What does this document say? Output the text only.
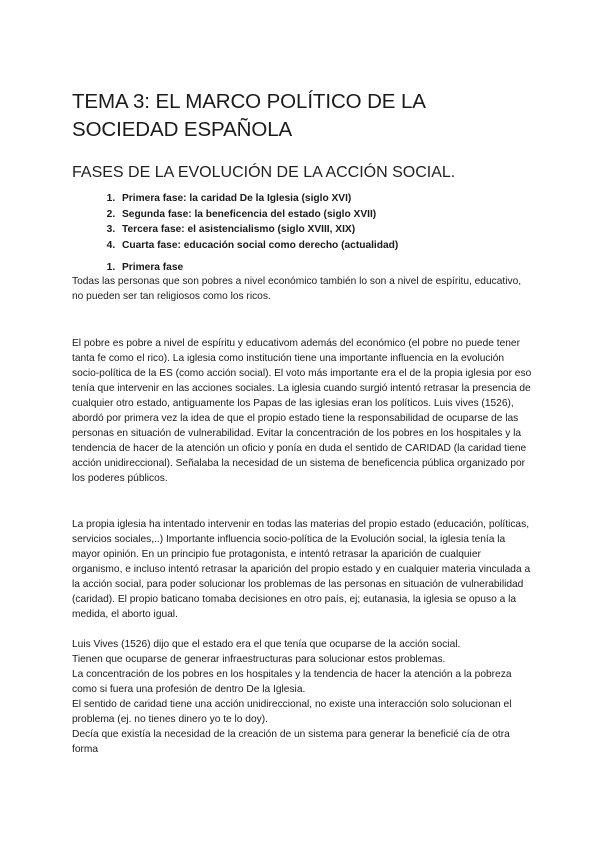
TEMA 3: EL MARCO POLÍTICO DE LA SOCIEDAD ESPAÑOLA
FASES DE LA EVOLUCIÓN DE LA ACCIÓN SOCIAL.
1. Primera fase: la caridad De la Iglesia (siglo XVI)
2. Segunda fase: la beneficencia del estado (siglo XVII)
3. Tercera fase: el asistencialismo (siglo XVIII, XIX)
4. Cuarta fase: educación social como derecho (actualidad)
1. Primera fase

Todas las personas que son pobres a nivel económico también lo son a nivel de espíritu, educativo, no pueden ser tan religiosos como los ricos.

El pobre es pobre a nivel de espíritu y educativom además del económico (el pobre no puede tener tanta fe como el rico). La iglesia como institución tiene una importante influencia en la evolución socio-política de la ES (como acción social). El voto más importante era el de la propia iglesia por eso tenía que intervenir en las acciones sociales. La iglesia cuando surgió intentó retrasar la presencia de cualquier otro estado, antiguamente los Papas de las iglesias eran los políticos. Luis vives (1526), abordó por primera vez la idea de que el propio estado tiene la responsabilidad de ocuparse de las personas en situación de vulnerabilidad. Evitar la concentración de los pobres en los hospitales y la tendencia de hacer de la atención un oficio y ponía en duda el sentido de CARIDAD (la caridad tiene acción unidireccional). Señalaba la necesidad de un sistema de beneficencia pública organizado por los poderes públicos.

La propia iglesia ha intentado intervenir en todas las materias del propio estado (educación, políticas, servicios sociales,..) Importante influencia socio-política de la Evolución social, la iglesia tenía la mayor opinión. En un principio fue protagonista, e intentó retrasar la aparición de cualquier organismo, e incluso intentó retrasar la aparición del propio estado y en cualquier materia vinculada a la acción social, para poder solucionar los problemas de las personas en situación de vulnerabilidad (caridad). El propio baticano tomaba decisiones en otro país, ej; eutanasia, la iglesia se opuso a la medida, el aborto igual.

Luis Vives (1526) dijo que el estado era el que tenía que ocuparse de la acción social.

Tienen que ocuparse de generar infraestructuras para solucionar estos problemas.

La concentración de los pobres en los hospitales y la tendencia de hacer la atención a la pobreza como si fuera una profesión de dentro De la Iglesia.

El sentido de caridad tiene una acción unidireccional, no existe una interacción solo solucionan el problema (ej. no tienes dinero yo te lo doy).

Decía que existía la necesidad de la creación de un sistema para generar la beneficié cía de otra forma
